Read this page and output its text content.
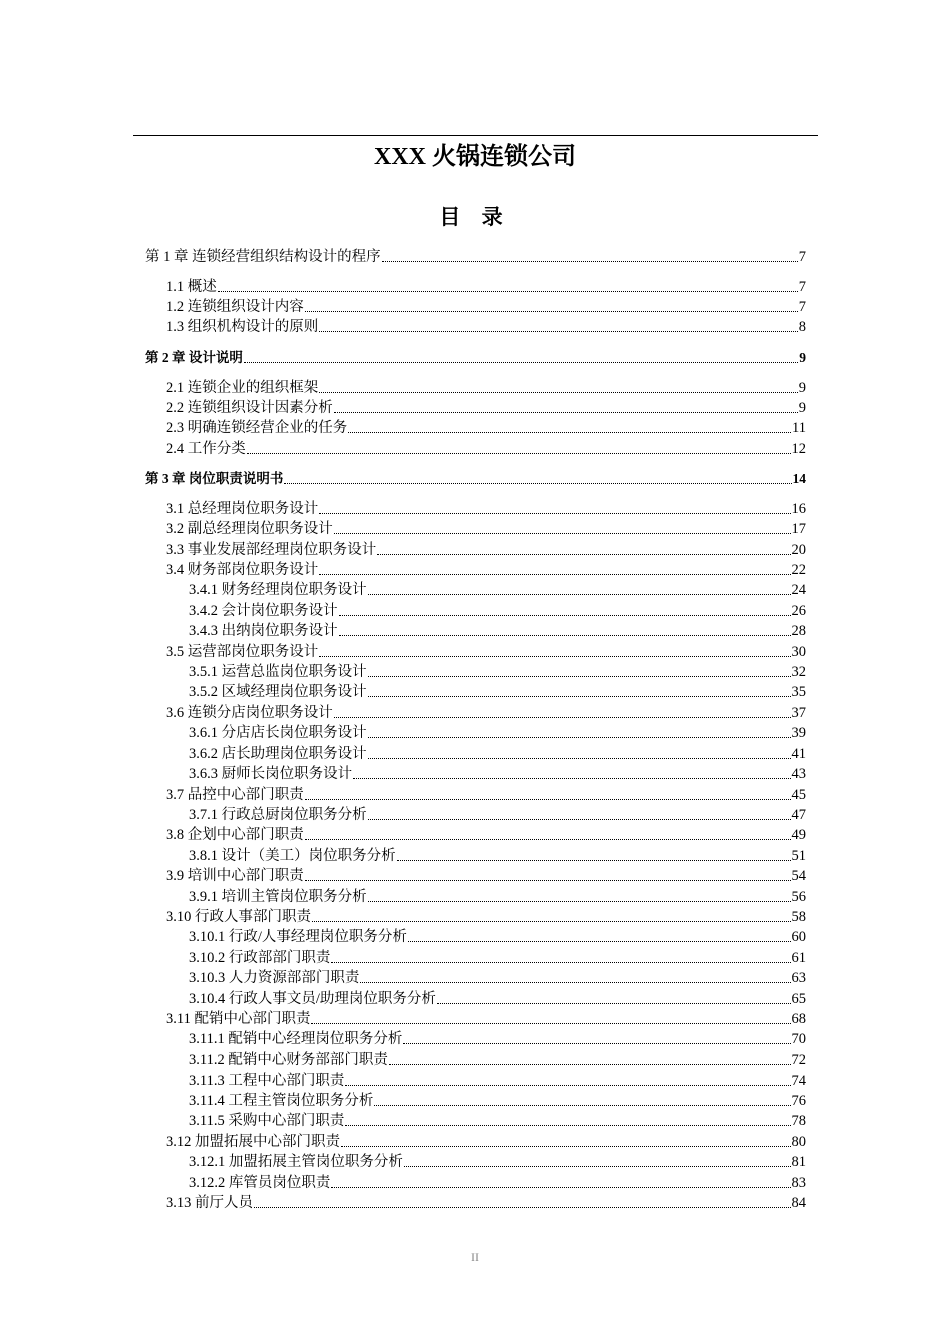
XXX 火锅连锁公司
目 录
第 1 章 连锁经营组织结构设计的程序	7
1.1 概述	7
1.2 连锁组织设计内容	7
1.3 组织机构设计的原则	8
第 2 章 设计说明	9
2.1 连锁企业的组织框架	9
2.2 连锁组织设计因素分析	9
2.3 明确连锁经营企业的任务	11
2.4 工作分类	12
第 3 章 岗位职责说明书	14
3.1 总经理岗位职务设计	16
3.2 副总经理岗位职务设计	17
3.3 事业发展部经理岗位职务设计	20
3.4 财务部岗位职务设计	22
3.4.1 财务经理岗位职务设计	24
3.4.2 会计岗位职务设计	26
3.4.3 出纳岗位职务设计	28
3.5 运营部岗位职务设计	30
3.5.1 运营总监岗位职务设计	32
3.5.2 区域经理岗位职务设计	35
3.6 连锁分店岗位职务设计	37
3.6.1 分店店长岗位职务设计	39
3.6.2 店长助理岗位职务设计	41
3.6.3 厨师长岗位职务设计	43
3.7 品控中心部门职责	45
3.7.1 行政总厨岗位职务分析	47
3.8 企划中心部门职责	49
3.8.1 设计（美工）岗位职务分析	51
3.9 培训中心部门职责	54
3.9.1 培训主管岗位职务分析	56
3.10 行政人事部门职责	58
3.10.1 行政/人事经理岗位职务分析	60
3.10.2 行政部部门职责	61
3.10.3 人力资源部部门职责	63
3.10.4 行政人事文员/助理岗位职务分析	65
3.11 配销中心部门职责	68
3.11.1 配销中心经理岗位职务分析	70
3.11.2 配销中心财务部部门职责	72
3.11.3 工程中心部门职责	74
3.11.4 工程主管岗位职务分析	76
3.11.5 采购中心部门职责	78
3.12 加盟拓展中心部门职责	80
3.12.1 加盟拓展主管岗位职务分析	81
3.12.2 库管员岗位职责	83
3.13 前厅人员	84
II
